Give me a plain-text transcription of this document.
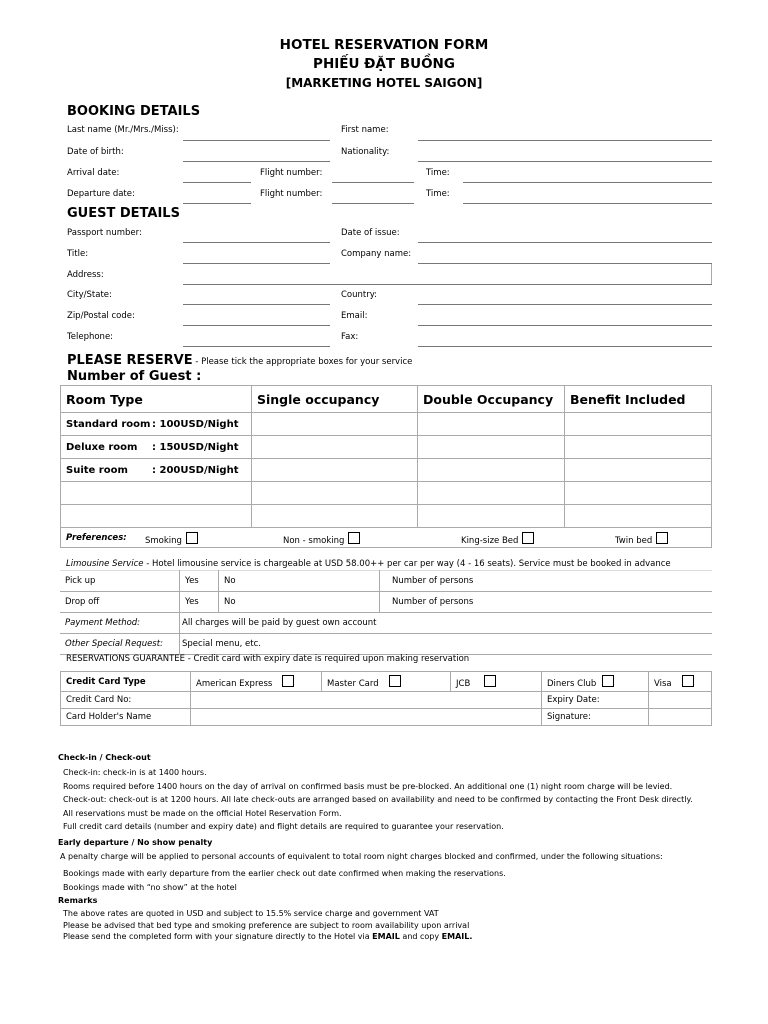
HOTEL RESERVATION FORM
PHIẾU ĐẶT BUỒNG
[MARKETING HOTEL SAIGON]
BOOKING DETAILS
Last name (Mr./Mrs./Miss):	First name:
Date of birth:	Nationality:
Arrival date:	Flight number:	Time:
Departure date:	Flight number:	Time:
GUEST DETAILS
Passport number:	Date of issue:
Title:	Company name:
Address:
City/State:	Country:
Zip/Postal code:	Email:
Telephone:	Fax:
PLEASE RESERVE - Please tick the appropriate boxes for your service
Number of Guest :
Room Type	Single occupancy	Double Occupancy	Benefit Included
Standard room : 100USD/Night			
Deluxe room : 150USD/Night			
Suite room : 200USD/Night			

Preferences: Smoking Non - smoking King-size Bed Twin bed			
Limousine Service - Hotel limousine service is chargeable at USD 58.00++ per car per way (4 - 16 seats). Service must be booked in advance
Pick up	Yes	No	Number of persons
Drop off	Yes	No	Number of persons
Payment Method:	All charges will be paid by guest own account		
Other Special Request:	Special menu, etc.		
RESERVATIONS GUARANTEE - Credit card with expiry date is required upon making reservation
Credit Card Type	American Express	Master Card	JCB	Diners Club	Visa
Credit Card No:				Expiry Date:	
Card Holder's Name				Signature:	
Check-in / Check-out
Check-in: check-in is at 1400 hours.
Rooms required before 1400 hours on the day of arrival on confirmed basis must be pre-blocked. An additional one (1) night room charge will be levied.
Check-out: check-out is at 1200 hours. All late check-outs are arranged based on availability and need to be confirmed by contacting the Front Desk directly.
All reservations must be made on the official Hotel Reservation Form.
Full credit card details (number and expiry date) and flight details are required to guarantee your reservation.
Early departure / No show penalty
A penalty charge will be applied to personal accounts of equivalent to total room night charges blocked and confirmed, under the following situations:
Bookings made with early departure from the earlier check out date confirmed when making the reservations.
Bookings made with “no show” at the hotel
Remarks
The above rates are quoted in USD and subject to 15.5% service charge and government VAT
Please be advised that bed type and smoking preference are subject to room availability upon arrival
Please send the completed form with your signature directly to the Hotel via EMAIL and copy EMAIL.
